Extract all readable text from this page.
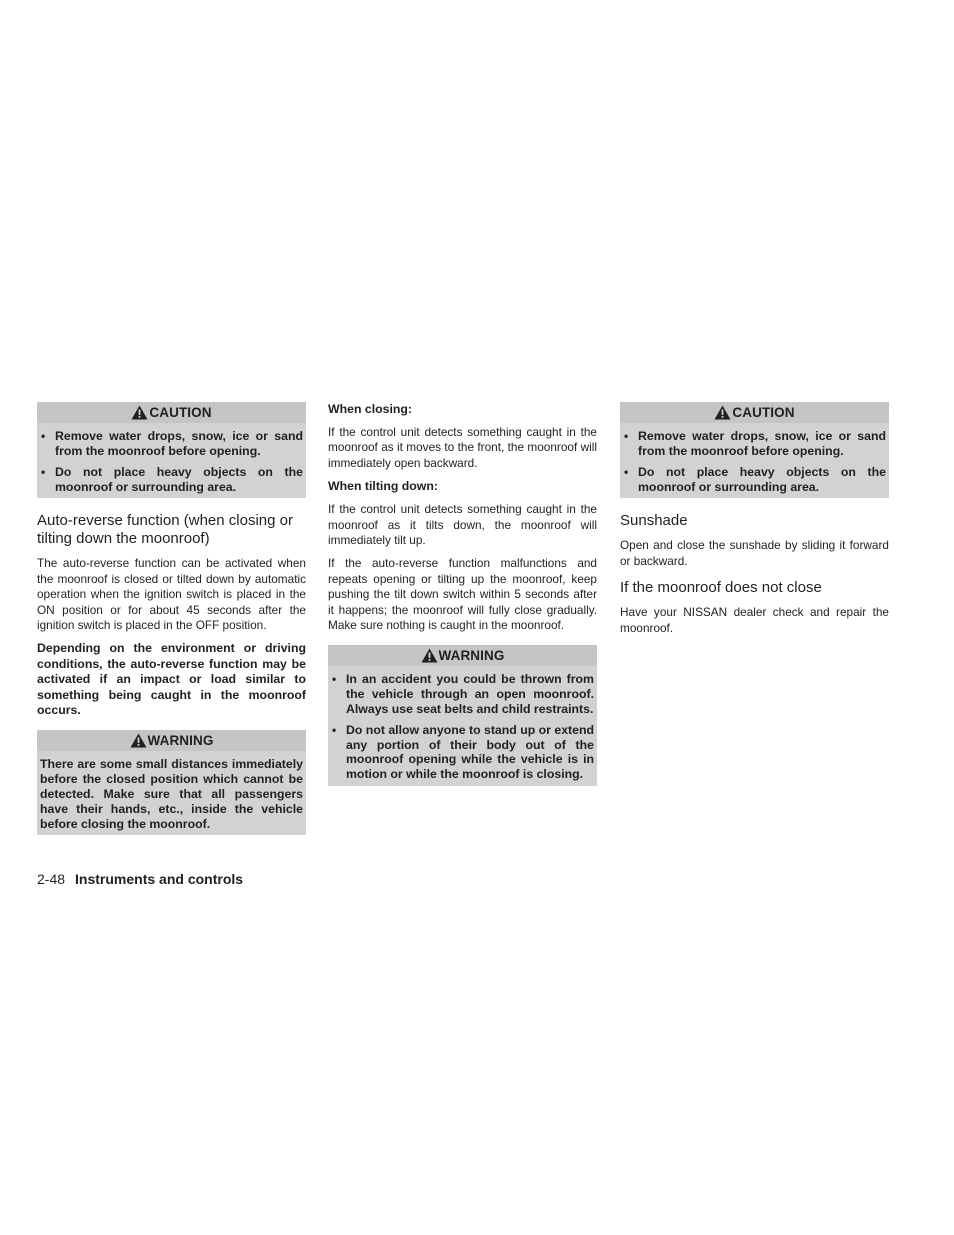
CAUTION
• Remove water drops, snow, ice or sand from the moonroof before opening.
• Do not place heavy objects on the moonroof or surrounding area.
Auto-reverse function (when closing or tilting down the moonroof)

The auto-reverse function can be activated when the moonroof is closed or tilted down by automatic operation when the ignition switch is placed in the ON position or for about 45 seconds after the ignition switch is placed in the OFF position.

Depending on the environment or driving conditions, the auto-reverse function may be activated if an impact or load similar to something being caught in the moonroof occurs.

WARNING

There are some small distances immediately before the closed position which cannot be detected. Make sure that all passengers have their hands, etc., inside the vehicle before closing the moonroof.

When closing:

If the control unit detects something caught in the moonroof as it moves to the front, the moonroof will immediately open backward.

When tilting down:

If the control unit detects something caught in the moonroof as it tilts down, the moonroof will immediately tilt up.

If the auto-reverse function malfunctions and repeats opening or tilting up the moonroof, keep pushing the tilt down switch within 5 seconds after it happens; the moonroof will fully close gradually. Make sure nothing is caught in the moonroof.

WARNING
• In an accident you could be thrown from the vehicle through an open moonroof. Always use seat belts and child restraints.
• Do not allow anyone to stand up or extend any portion of their body out of the moonroof opening while the vehicle is in motion or while the moonroof is closing.
CAUTION
• Remove water drops, snow, ice or sand from the moonroof before opening.
• Do not place heavy objects on the moonroof or surrounding area.
Sunshade

Open and close the sunshade by sliding it forward or backward.

If the moonroof does not close

Have your NISSAN dealer check and repair the moonroof.

2-48 Instruments and controls
